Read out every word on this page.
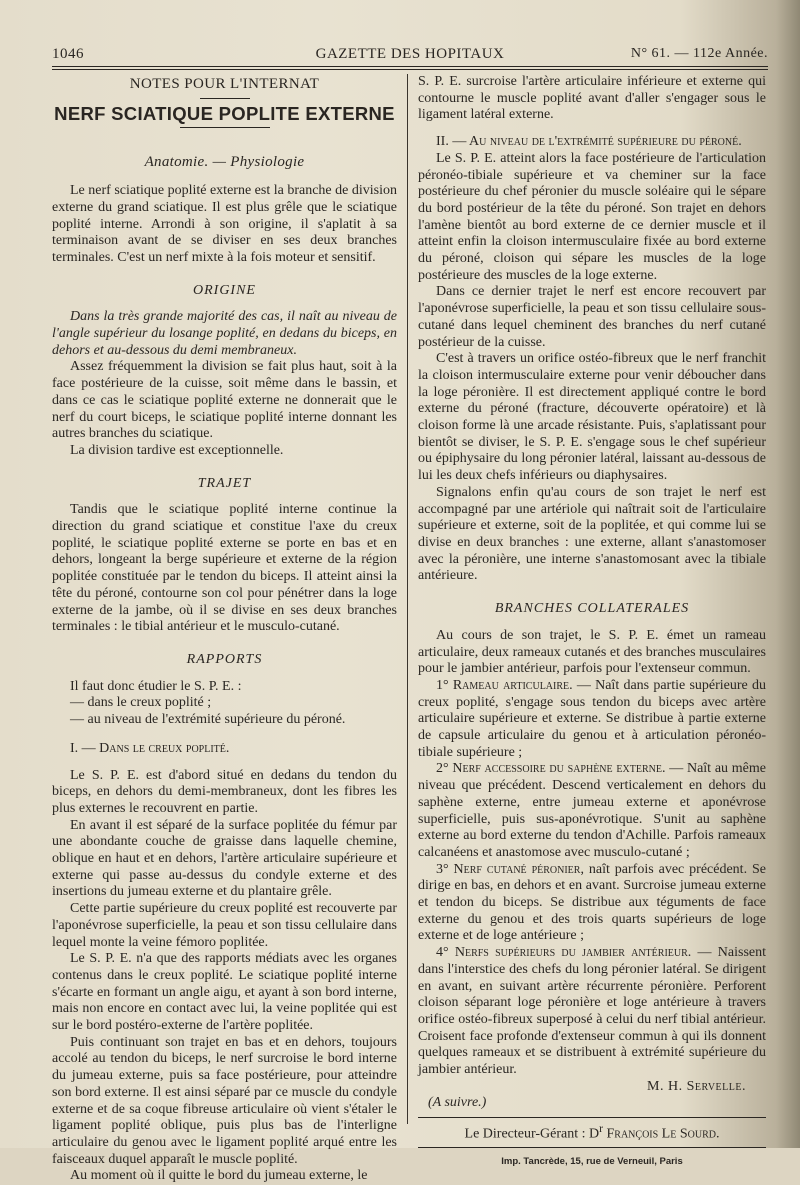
1046	GAZETTE DES HOPITAUX	N° 61. — 112e Année.
NOTES POUR L'INTERNAT
NERF SCIATIQUE POPLITE EXTERNE
Anatomie. — Physiologie

Le nerf sciatique poplité externe est la branche de division externe du grand sciatique. Il est plus grêle que le sciatique poplité interne. Arrondi à son origine, il s'aplatit à sa terminaison avant de se diviser en ses deux branches terminales. C'est un nerf mixte à la fois moteur et sensitif.

ORIGINE

Dans la très grande majorité des cas, il naît au niveau de l'angle supérieur du losange poplité, en dedans du biceps, en dehors et au-dessous du demi membraneux.

Assez fréquemment la division se fait plus haut, soit à la face postérieure de la cuisse, soit même dans le bassin, et dans ce cas le sciatique poplité externe ne donnerait que le nerf du court biceps, le sciatique poplité interne donnant les autres branches du sciatique.

La division tardive est exceptionnelle.

TRAJET

Tandis que le sciatique poplité interne continue la direction du grand sciatique et constitue l'axe du creux poplité, le sciatique poplité externe se porte en bas et en dehors, longeant la berge supérieure et externe de la région poplitée constituée par le tendon du biceps. Il atteint ainsi la tête du péroné, contourne son col pour pénétrer dans la loge externe de la jambe, où il se divise en ses deux branches terminales : le tibial antérieur et le musculo-cutané.

RAPPORTS

Il faut donc étudier le S. P. E. :

— dans le creux poplité ;

— au niveau de l'extrémité supérieure du péroné.

I. — Dans le creux poplité.

Le S. P. E. est d'abord situé en dedans du tendon du biceps, en dehors du demi-membraneux, dont les fibres les plus externes le recouvrent en partie.

En avant il est séparé de la surface poplitée du fémur par une abondante couche de graisse dans laquelle chemine, oblique en haut et en dehors, l'artère articulaire supérieure et externe qui passe au-dessus du condyle externe et des insertions du jumeau externe et du plantaire grêle.

Cette partie supérieure du creux poplité est recouverte par l'aponévrose superficielle, la peau et son tissu cellulaire dans lequel monte la veine fémoro poplitée.

Le S. P. E. n'a que des rapports médiats avec les organes contenus dans le creux poplité. Le sciatique poplité interne s'écarte en formant un angle aigu, et ayant à son bord interne, mais non encore en contact avec lui, la veine poplitée qui est sur le bord postéro-externe de l'artère poplitée.

Puis continuant son trajet en bas et en dehors, toujours accolé au tendon du biceps, le nerf surcroise le bord interne du jumeau externe, puis sa face postérieure, pour atteindre son bord externe. Il est ainsi séparé par ce muscle du condyle externe et de sa coque fibreuse articulaire où vient s'étaler le ligament poplité oblique, puis plus bas de l'interligne articulaire du genou avec le ligament poplité arqué entre les faisceaux duquel apparaît le muscle poplité.

Au moment où il quitte le bord du jumeau externe, le

S. P. E. surcroise l'artère articulaire inférieure et externe qui contourne le muscle poplité avant d'aller s'engager sous le ligament latéral externe.

II. — Au niveau de l'extrémité supérieure du péroné.

Le S. P. E. atteint alors la face postérieure de l'articulation péronéo-tibiale supérieure et va cheminer sur la face postérieure du chef péronier du muscle soléaire qui le sépare du bord postérieur de la tête du péroné. Son trajet en dehors l'amène bientôt au bord externe de ce dernier muscle et il atteint enfin la cloison intermusculaire fixée au bord externe du péroné, cloison qui sépare les muscles de la loge postérieure des muscles de la loge externe.

Dans ce dernier trajet le nerf est encore recouvert par l'aponévrose superficielle, la peau et son tissu cellulaire sous-cutané dans lequel cheminent des branches du nerf cutané postérieur de la cuisse.

C'est à travers un orifice ostéo-fibreux que le nerf franchit la cloison intermusculaire externe pour venir déboucher dans la loge péronière. Il est directement appliqué contre le bord externe du péroné (fracture, découverte opératoire) et là cloison forme là une arcade résistante. Puis, s'aplatissant pour bientôt se diviser, le S. P. E. s'engage sous le chef supérieur ou épiphysaire du long péronier latéral, laissant au-dessous de lui les deux chefs inférieurs ou diaphysaires.

Signalons enfin qu'au cours de son trajet le nerf est accompagné par une artériole qui naîtrait soit de l'articulaire supérieure et externe, soit de la poplitée, et qui comme lui se divise en deux branches : une externe, allant s'anastomoser avec la péronière, une interne s'anastomosant avec la tibiale antérieure.

BRANCHES COLLATERALES

Au cours de son trajet, le S. P. E. émet un rameau articulaire, deux rameaux cutanés et des branches musculaires pour le jambier antérieur, parfois pour l'extenseur commun.

1° Rameau articulaire. — Naît dans partie supérieure du creux poplité, s'engage sous tendon du biceps avec artère articulaire supérieure et externe. Se distribue à partie externe de capsule articulaire du genou et à articulation péronéo-tibiale supérieure ;

2° Nerf accessoire du saphène externe. — Naît au même niveau que précédent. Descend verticalement en dehors du saphène externe, entre jumeau externe et aponévrose superficielle, puis sus-aponévrotique. S'unit au saphène externe au bord externe du tendon d'Achille. Parfois rameaux calcanéens et anastomose avec musculo-cutané ;

3° Nerf cutané péronier, naît parfois avec précédent. Se dirige en bas, en dehors et en avant. Surcroise jumeau externe et tendon du biceps. Se distribue aux téguments de face externe du genou et des trois quarts supérieurs de loge externe et de loge antérieure ;

4° Nerfs supérieurs du jambier antérieur. — Naissent dans l'interstice des chefs du long péronier latéral. Se dirigent en avant, en suivant artère récurrente péronière. Perforent cloison séparant loge péronière et loge antérieure à travers orifice ostéo-fibreux superposé à celui du nerf tibial antérieur. Croisent face profonde d'extenseur commun à qui ils donnent quelques rameaux et se distribuent à extrémité supérieure du jambier antérieur.

M. H. Servelle.
(A suivre.)
Le Directeur-Gérant : $D^r$ François Le Sourd.
Imp. Tancrède, 15, rue de Verneuil, Paris
